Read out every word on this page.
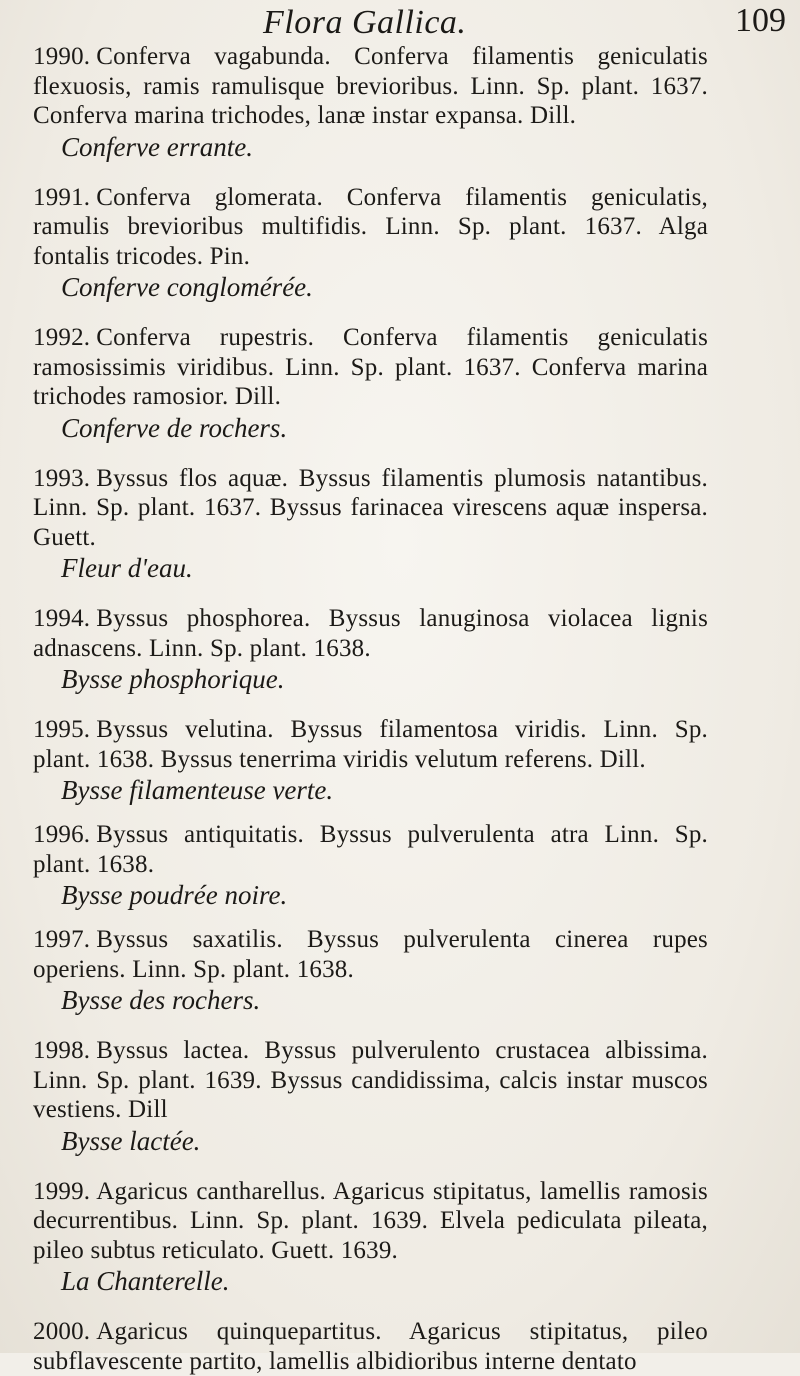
Flora Gallica.	109
1990. Conferva vagabunda. Conferva filamentis geniculatis flexuosis, ramis ramulisque brevioribus. Linn. Sp. plant. 1637. Conferva marina trichodes, lanæ instar expansa. Dill.
Conferve errante.
1991. Conferva glomerata. Conferva filamentis geniculatis, ramulis brevioribus multifidis. Linn. Sp. plant. 1637. Alga fontalis tricodes. Pin.
Conferve conglomérée.
1992. Conferva rupestris. Conferva filamentis geniculatis ramosissimis viridibus. Linn. Sp. plant. 1637. Conferva marina trichodes ramosior. Dill.
Conferve de rochers.
1993. Byssus flos aquæ. Byssus filamentis plumosis natantibus. Linn. Sp. plant. 1637. Byssus farinacea virescens aquæ inspersa. Guett.
Fleur d'eau.
1994. Byssus phosphorea. Byssus lanuginosa violacea lignis adnascens. Linn. Sp. plant. 1638.
Bysse phosphorique.
1995. Byssus velutina. Byssus filamentosa viridis. Linn. Sp. plant. 1638. Byssus tenerrima viridis velutum referens. Dill.
Bysse filamenteuse verte.
1996. Byssus antiquitatis. Byssus pulverulenta atra Linn. Sp. plant. 1638.
Bysse poudrée noire.
1997. Byssus saxatilis. Byssus pulverulenta cinerea rupes operiens. Linn. Sp. plant. 1638.
Bysse des rochers.
1998. Byssus lactea. Byssus pulverulento crustacea albissima. Linn. Sp. plant. 1639. Byssus candidissima, calcis instar muscos vestiens. Dill
Bysse lactée.
1999. Agaricus cantharellus. Agaricus stipitatus, lamellis ramosis decurrentibus. Linn. Sp. plant. 1639. Elvela pediculata pileata, pileo subtus reticulato. Guett. 1639.
La Chanterelle.
2000. Agaricus quinquepartitus. Agaricus stipitatus, pileo subflavescente partito, lamellis albidioribus interne dentato
